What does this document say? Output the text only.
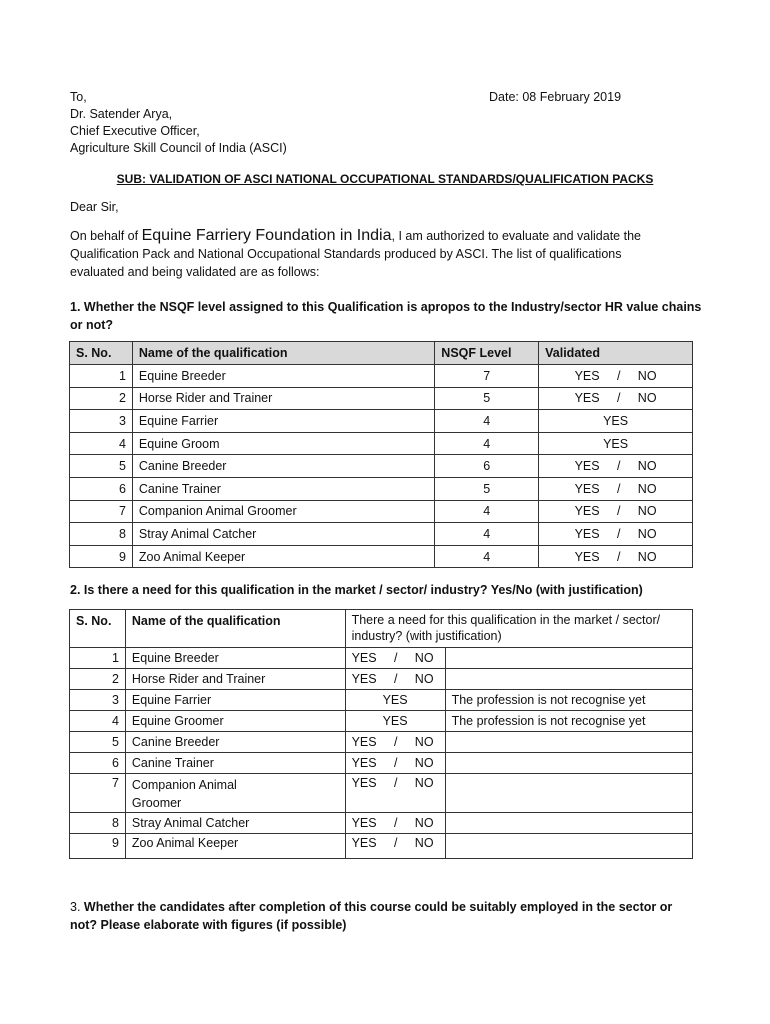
To,
Dr. Satender Arya,
Chief Executive Officer,
Agriculture Skill Council of India (ASCI)
Date: 08 February 2019
SUB: VALIDATION OF ASCI NATIONAL OCCUPATIONAL STANDARDS/QUALIFICATION PACKS
Dear Sir,
On behalf of Equine Farriery Foundation in India, I am authorized to evaluate and validate the
Qualification Pack and National Occupational Standards produced by ASCI. The list of qualifications
evaluated and being validated are as follows:
1. Whether the NSQF level assigned to this Qualification is apropos to the Industry/sector HR value chains
or not?
S. No.	Name of the qualification	NSQF Level	Validated
1	Equine Breeder	7	YES     /     NO
2	Horse Rider and Trainer	5	YES     /     NO
3	Equine Farrier	4	YES
4	Equine Groom	4	YES
5	Canine Breeder	6	YES     /     NO
6	Canine Trainer	5	YES     /     NO
7	Companion Animal Groomer	4	YES     /     NO
8	Stray Animal Catcher	4	YES     /     NO
9	Zoo Animal Keeper	4	YES     /     NO
2. Is there a need for this qualification in the market / sector/ industry? Yes/No (with justification)
S. No.	Name of the qualification	There a need for this qualification in the market / sector/ industry? (with justification)	
1	Equine Breeder	YES     /     NO	
2	Horse Rider and Trainer	YES     /     NO	
3	Equine Farrier	YES	The profession is not recognise yet
4	Equine Groomer	YES	The profession is not recognise yet
5	Canine Breeder	YES     /     NO	
6	Canine Trainer	YES     /     NO	
7	Companion Animal Groomer	YES     /     NO	
8	Stray Animal Catcher	YES     /     NO	
9	Zoo Animal Keeper	YES     /     NO	
3. Whether the candidates after completion of this course could be suitably employed in the sector or
not? Please elaborate with figures (if possible)
